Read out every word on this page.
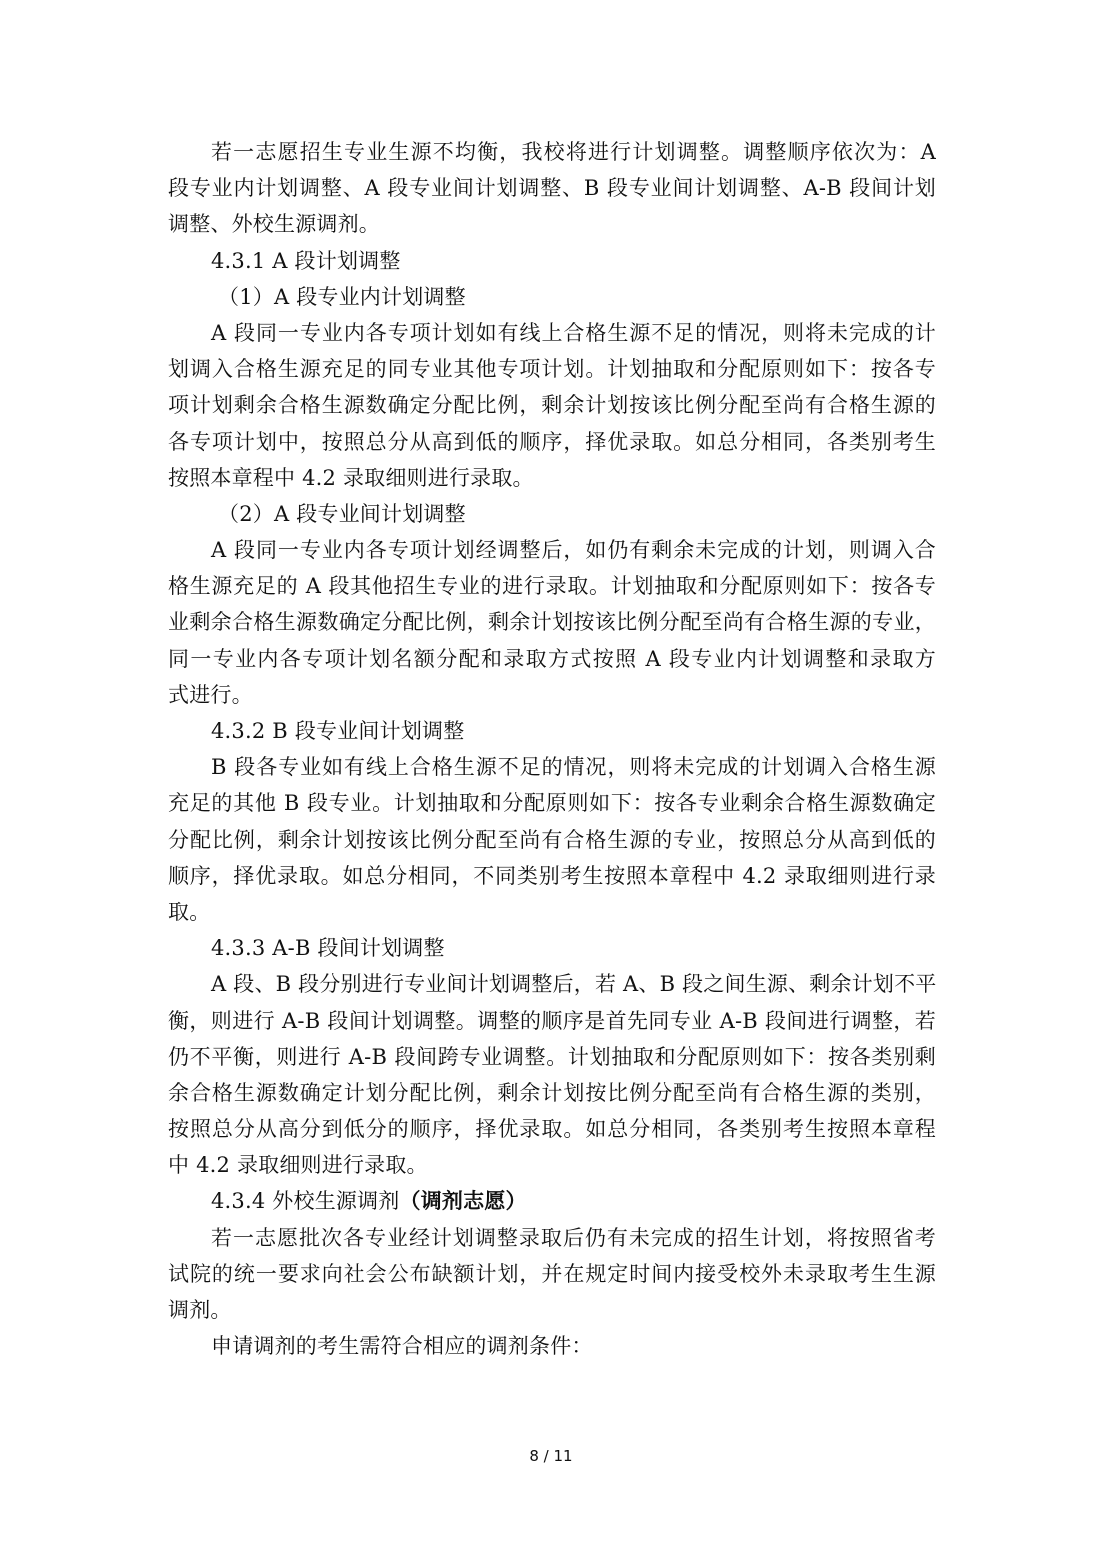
若一志愿招生专业生源不均衡，我校将进行计划调整。调整顺序依次为：A
段专业内计划调整、A 段专业间计划调整、B 段专业间计划调整、A-B 段间计划
调整、外校生源调剂。
4.3.1 A 段计划调整
（1）A 段专业内计划调整
A 段同一专业内各专项计划如有线上合格生源不足的情况，则将未完成的计
划调入合格生源充足的同专业其他专项计划。计划抽取和分配原则如下：按各专
项计划剩余合格生源数确定分配比例，剩余计划按该比例分配至尚有合格生源的
各专项计划中，按照总分从高到低的顺序，择优录取。如总分相同，各类别考生
按照本章程中 4.2 录取细则进行录取。
（2）A 段专业间计划调整
A 段同一专业内各专项计划经调整后，如仍有剩余未完成的计划，则调入合
格生源充足的 A 段其他招生专业的进行录取。计划抽取和分配原则如下：按各专
业剩余合格生源数确定分配比例，剩余计划按该比例分配至尚有合格生源的专业，
同一专业内各专项计划名额分配和录取方式按照 A 段专业内计划调整和录取方
式进行。
4.3.2 B 段专业间计划调整
B 段各专业如有线上合格生源不足的情况，则将未完成的计划调入合格生源
充足的其他 B 段专业。计划抽取和分配原则如下：按各专业剩余合格生源数确定
分配比例，剩余计划按该比例分配至尚有合格生源的专业，按照总分从高到低的
顺序，择优录取。如总分相同，不同类别考生按照本章程中 4.2 录取细则进行录
取。
4.3.3 A-B 段间计划调整
A 段、B 段分别进行专业间计划调整后，若 A、B 段之间生源、剩余计划不平
衡，则进行 A-B 段间计划调整。调整的顺序是首先同专业 A-B 段间进行调整，若
仍不平衡，则进行 A-B 段间跨专业调整。计划抽取和分配原则如下：按各类别剩
余合格生源数确定计划分配比例，剩余计划按比例分配至尚有合格生源的类别，
按照总分从高分到低分的顺序，择优录取。如总分相同，各类别考生按照本章程
中 4.2 录取细则进行录取。
4.3.4 外校生源调剂（调剂志愿）
若一志愿批次各专业经计划调整录取后仍有未完成的招生计划，将按照省考
试院的统一要求向社会公布缺额计划，并在规定时间内接受校外未录取考生生源
调剂。
申请调剂的考生需符合相应的调剂条件：
8 / 11
